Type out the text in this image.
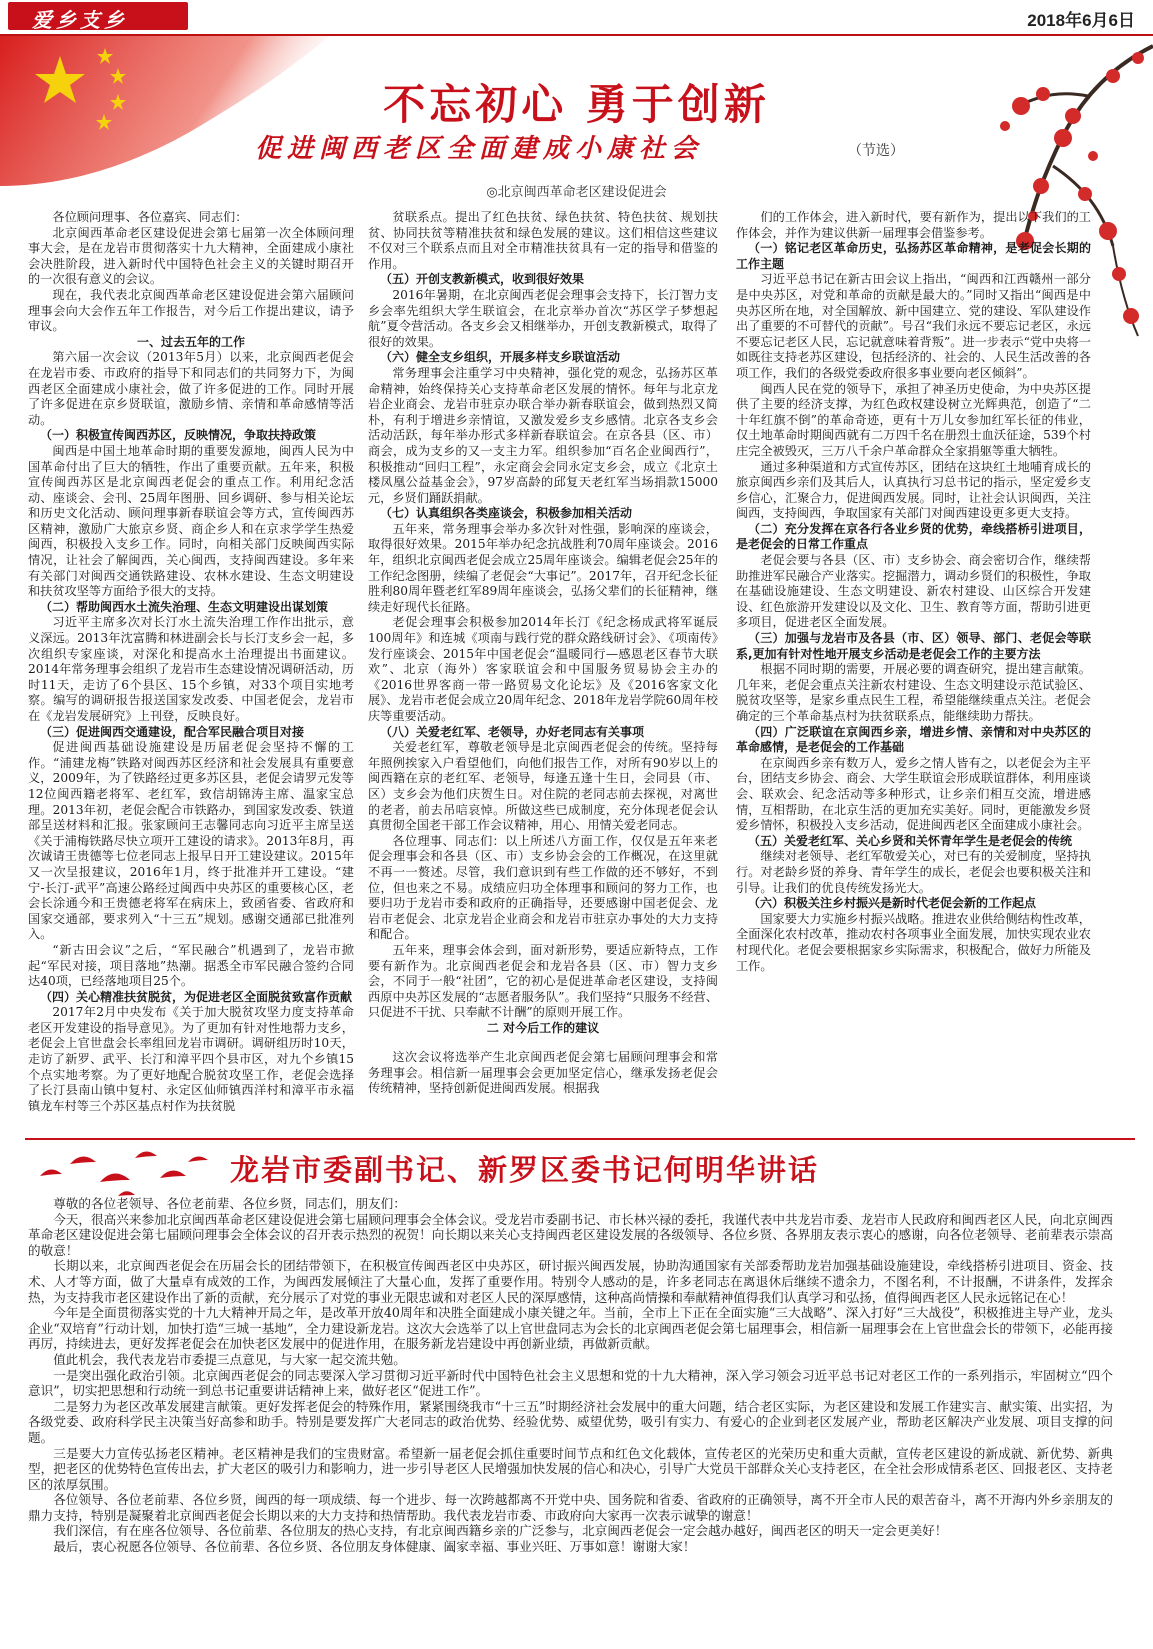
爱乡支乡	2018年6月6日
不忘初心 勇于创新
促进闽西老区全面建成小康社会	（节选）
◎北京闽西革命老区建设促进会

各位顾问理事、各位嘉宾、同志们：

北京闽西革命老区建设促进会第七届第一次全体顾问理事大会，是在龙岩市贯彻落实十九大精神，全面建成小康社会决胜阶段，进入新时代中国特色社会主义的关键时期召开的一次很有意义的会议。

现在，我代表北京闽西革命老区建设促进会第六届顾问理事会向大会作五年工作报告，对今后工作提出建议，请予审议。

一、过去五年的工作

第六届一次会议（2013年5月）以来，北京闽西老促会在龙岩市委、市政府的指导下和同志们的共同努力下，为闽西老区全面建成小康社会，做了许多促进的工作。同时开展了许多促进在京乡贤联谊，激励乡情、亲情和革命感情等活动。

（一）积极宣传闽西苏区，反映情况，争取扶持政策

闽西是中国土地革命时期的重要发源地，闽西人民为中国革命付出了巨大的牺牲，作出了重要贡献。五年来，积极宣传闽西苏区是北京闽西老促会的重点工作。利用纪念活动、座谈会、会刊、25周年图册、回乡调研、参与相关论坛和历史文化活动、顾问理事新春联谊会等方式，宣传闽西苏区精神，激励广大旅京乡贤、商企乡人和在京求学学生热爱闽西，积极投入支乡工作。同时，向相关部门反映闽西实际情况，让社会了解闽西，关心闽西，支持闽西建设。多年来有关部门对闽西交通铁路建设、农林水建设、生态文明建设和扶贫攻坚等方面给予很大的支持。

（二）帮助闽西水土流失治理、生态文明建设出谋划策

习近平主席多次对长汀水土流失治理工作作出批示，意义深远。2013年沈富腾和林进副会长与长汀支乡会一起，多次组织专家座谈，对深化和提高水土治理提出书面建议。2014年常务理事会组织了龙岩市生态建设情况调研活动，历时11天，走访了6个县区、15个乡镇，对33个项目实地考察。编写的调研报告报送国家发改委、中国老促会，龙岩市在《龙岩发展研究》上刊登，反映良好。

（三）促进闽西交通建设，配合军民融合项目对接

促进闽西基础设施建设是历届老促会坚持不懈的工作。“浦建龙梅”铁路对闽西苏区经济和社会发展具有重要意义，2009年，为了铁路经过更多苏区县，老促会请罗元发等12位闽西籍老将军、老红军，致信胡锦涛主席、温家宝总理。2013年初，老促会配合市铁路办，到国家发改委、铁道部呈送材料和汇报。张家顾问王志馨同志向习近平主席呈送《关于浦梅铁路尽快立项开工建设的请求》。2013年8月，再次诚请王贵德等七位老同志上报早日开工建设建议。2015年又一次呈报建议，2016年1月，终于批准并开工建设。“建宁-长汀-武平”高速公路经过闽西中央苏区的重要核心区，老会长涂通今和王贵德老将军在病床上，致函省委、省政府和国家交通部，要求列入“十三五”规划。感谢交通部已批准列入。

“新古田会议”之后，“军民融合”机遇到了，龙岩市掀起“军民对接，项目落地”热潮。据悉全市军民融合签约合同达40项，已经落地项目25个。

（四）关心精准扶贫脱贫，为促进老区全面脱贫致富作贡献

2017年2月中央发布《关于加大脱贫攻坚力度支持革命老区开发建设的指导意见》。为了更加有针对性地帮力支乡，老促会上官世盘会长率组回龙岩市调研。调研组历时10天，走访了新罗、武平、长汀和漳平四个县市区，对九个乡镇15个点实地考察。为了更好地配合脱贫攻坚工作，老促会选择了长汀县南山镇中复村、永定区仙师镇西洋村和漳平市永福镇龙车村等三个苏区基点村作为扶贫脱

贫联系点。提出了红色扶贫、绿色扶贫、特色扶贫、规划扶贫、协同扶贫等精准扶贫和绿色发展的建议。这们相信这些建议不仅对三个联系点而且对全市精准扶贫具有一定的指导和借鉴的作用。

（五）开创支教新模式，收到很好效果

2016年暑期，在北京闽西老促会理事会支持下，长汀智力支乡会率先组织大学生联谊会，在北京举办首次“苏区学子梦想起航”夏令营活动。各支乡会又相继举办，开创支教新模式，取得了很好的效果。

（六）健全支乡组织，开展多样支乡联谊活动

常务理事会注重学习中央精神，强化党的观念，弘扬苏区革命精神，始终保持关心支持革命老区发展的情怀。每年与北京龙岩企业商会、龙岩市驻京办联合举办新春联谊会，做到热烈又简朴，有利于增进乡亲情谊，又激发爱乡支乡感情。北京各支乡会活动活跃，每年举办形式多样新春联谊会。在京各县（区、市）商会，成为支乡的又一支主力军。组织参加“百名企业闽西行”，积极推动“回归工程”，永定商会会同永定支乡会，成立《北京土楼凤凰公益基金会》，97岁高龄的邱复天老红军当场捐款15000元，乡贤们踊跃捐献。

（七）认真组织各类座谈会，积极参加相关活动

五年来，常务理事会举办多次针对性强，影响深的座谈会，取得很好效果。2015年举办纪念抗战胜利70周年座谈会。2016年，组织北京闽西老促会成立25周年座谈会。编辑老促会25年的工作纪念图册，续编了老促会“大事记”。2017年，召开纪念长征胜利80周年暨老红军89周年座谈会，弘扬父辈们的长征精神，继续走好现代长征路。

老促会理事会积极参加2014年长汀《纪念杨成武将军诞辰100周年》和连城《项南与践行党的群众路线研讨会》、《项南传》发行座谈会、2015年中国老促会“温暖同行—感恩老区春节大联欢”、北京（海外）客家联谊会和中国服务贸易协会主办的《2016世界客商一带一路贸易文化论坛》及《2016客家文化展》、龙岩市老促会成立20周年纪念、2018年龙岩学院60周年校庆等重要活动。

（八）关爱老红军、老领导，办好老同志有关事项

关爱老红军，尊敬老领导是北京闽西老促会的传统。坚持每年照例挨家入户看望他们，向他们报告工作，对所有90岁以上的闽西籍在京的老红军、老领导，每逢五逢十生日，会同县（市、区）支乡会为他们庆贺生日。对住院的老同志前去探视，对离世的老者，前去吊唁哀悼。所做这些已成制度，充分体现老促会认真贯彻全国老干部工作会议精神，用心、用情关爱老同志。

各位理事、同志们：以上所述八方面工作，仅仅是五年来老促会理事会和各县（区、市）支乡协会会的工作概况，在这里就不再一一赘述。尽管，我们意识到有些工作做的还不够好，不到位，但也来之不易。成绩应归功全体理事和顾问的努力工作，也要归功于龙岩市委和政府的正确指导，还要感谢中国老促会、龙岩市老促会、北京龙岩企业商会和龙岩市驻京办事处的大力支持和配合。

五年来，理事会体会到，面对新形势，要适应新特点，工作要有新作为。北京闽西老促会和龙岩各县（区、市）智力支乡会，不同于一般“社团”，它的初心是促进革命老区建设，支持闽西原中央苏区发展的“志愿者服务队”。我们坚持“只服务不经营、只促进不干扰、只奉献不计酬”的原则开展工作。

二 对今后工作的建议

这次会议将选举产生北京闽西老促会第七届顾问理事会和常务理事会。相信新一届理事会会更加坚定信心，继承发扬老促会传统精神，坚持创新促进闽西发展。根据我

们的工作体会，进入新时代，要有新作为，提出以下我们的工作体会，并作为建议供新一届理事会借鉴参考。

（一）铭记老区革命历史，弘扬苏区革命精神，是老促会长期的工作主题

习近平总书记在新古田会议上指出，“闽西和江西赣州一部分是中央苏区，对党和革命的贡献是最大的。”同时又指出“闽西是中央苏区所在地，对全国解放、新中国建立、党的建设、军队建设作出了重要的不可替代的贡献”。号召“我们永远不要忘记老区，永远不要忘记老区人民，忘记就意味着背叛”。进一步表示“党中央将一如既往支持老苏区建设，包括经济的、社会的、人民生活改善的各项工作，我们的各级党委政府很多事业要向老区倾斜”。

闽西人民在党的领导下，承担了神圣历史使命，为中央苏区提供了主要的经济支撑，为红色政权建设树立光辉典范，创造了“二十年红旗不倒”的革命奇迹，更有十万儿女参加红军长征的伟业，仅土地革命时期闽西就有二万四千名在册烈士血沃征途，539个村庄完全被毁灭，三万八千余户革命群众全家捐躯等重大牺牲。

通过多种渠道和方式宣传苏区，团结在这块红土地哺育成长的旅京闽西乡亲们及其后人，认真执行习总书记的指示，坚定爱乡支乡信心，汇聚合力，促进闽西发展。同时，让社会认识闽西，关注闽西，支持闽西，争取国家有关部门对闽西建设更多更大支持。

（二）充分发挥在京各行各业乡贤的优势，牵线搭桥引进项目，是老促会的日常工作重点

老促会要与各县（区、市）支乡协会、商会密切合作，继续帮助推进军民融合产业落实。挖掘潜力，调动乡贤们的积极性，争取在基础设施建设、生态文明建设、新农村建设、山区综合开发建设、红色旅游开发建设以及文化、卫生、教育等方面，帮助引进更多项目，促进老区全面发展。

（三）加强与龙岩市及各县（市、区）领导、部门、老促会等联系,更加有针对性地开展支乡活动是老促会工作的主要方法

根据不同时期的需要，开展必要的调查研究，提出建言献策。几年来，老促会重点关注新农村建设、生态文明建设示范试验区、脱贫攻坚等，是家乡重点民生工程，希望能继续重点关注。老促会确定的三个革命基点村为扶贫联系点，能继续助力帮扶。

（四）广泛联谊在京闽西乡亲，增进乡情、亲情和对中央苏区的革命感情，是老促会的工作基础

在京闽西乡亲有数万人，爱乡之情人皆有之，以老促会为主平台，团结支乡协会、商会、大学生联谊会形成联谊群体，利用座谈会、联欢会、纪念活动等多种形式，让乡亲们相互交流，增进感情，互相帮助，在北京生活的更加充实美好。同时，更能激发乡贤爱乡情怀，积极投入支乡活动，促进闽西老区全面建成小康社会。

（五）关爱老红军、关心乡贤和关怀青年学生是老促会的传统

继续对老领导、老红军敬爱关心，对已有的关爱制度，坚持执行。对老龄乡贤的养身、青年学生的成长，老促会也要积极关注和引导。让我们的优良传统发扬光大。

（六）积极关注乡村振兴是新时代老促会新的工作起点

国家要大力实施乡村振兴战略。推进农业供给侧结构性改革，全面深化农村改革，推动农村各项事业全面发展，加快实现农业农村现代化。老促会要根据家乡实际需求，积极配合，做好力所能及工作。

龙岩市委副书记、新罗区委书记何明华讲话

尊敬的各位老领导、各位老前辈、各位乡贤，同志们，朋友们：

今天，很高兴来参加北京闽西革命老区建设促进会第七届顾问理事会全体会议。受龙岩市委副书记、市长林兴禄的委托，我谨代表中共龙岩市委、龙岩市人民政府和闽西老区人民，向北京闽西革命老区建设促进会第七届顾问理事会全体会议的召开表示热烈的祝贺！向长期以来关心支持闽西老区建设发展的各级领导、各位乡贤、各界朋友表示衷心的感谢，向各位老领导、老前辈表示崇高的敬意！

长期以来，北京闽西老促会在历届会长的团结带领下，在积极宣传闽西老区中央苏区，研讨振兴闽西发展，协助沟通国家有关部委帮助龙岩加强基础设施建设，牵线搭桥引进项目、资金、技术、人才等方面，做了大量卓有成效的工作，为闽西发展倾注了大量心血，发挥了重要作用。特别令人感动的是，许多老同志在离退休后继续不遗余力，不图名利，不计报酬，不讲条件，发挥余热，为支持我市老区建设作出了新的贡献，充分展示了对党的事业无限忠诚和对老区人民的深厚感情，这种高尚情操和奉献精神值得我们认真学习和弘扬，值得闽西老区人民永远铭记在心！

今年是全面贯彻落实党的十九大精神开局之年，是改革开放40周年和决胜全面建成小康关键之年。当前，全市上下正在全面实施“三大战略”、深入打好“三大战役”，积极推进主导产业，龙头企业“双培育”行动计划，加快打造“三城一基地”，全力建设新龙岩。这次大会选举了以上官世盘同志为会长的北京闽西老促会第七届理事会，相信新一届理事会在上官世盘会长的带领下，必能再接再厉，持续进去，更好发挥老促会在加快老区发展中的促进作用，在服务新龙岩建设中再创新业绩，再做新贡献。

值此机会，我代表龙岩市委提三点意见，与大家一起交流共勉。

一是突出强化政治引领。北京闽西老促会的同志要深入学习贯彻习近平新时代中国特色社会主义思想和党的十九大精神，深入学习领会习近平总书记对老区工作的一系列指示，牢固树立“四个意识”，切实把思想和行动统一到总书记重要讲话精神上来，做好老区“促进工作”。

二是努力为老区改革发展建言献策。更好发挥老促会的特殊作用，紧紧围绕我市“十三五”时期经济社会发展中的重大问题，结合老区实际，为老区建设和发展工作建实言、献实策、出实招，为各级党委、政府科学民主决策当好高参和助手。特别是要发挥广大老同志的政治优势、经验优势、威望优势，吸引有实力、有爱心的企业到老区发展产业，帮助老区解决产业发展、项目支撑的问题。

三是要大力宣传弘扬老区精神。老区精神是我们的宝贵财富。希望新一届老促会抓住重要时间节点和红色文化载体，宣传老区的光荣历史和重大贡献，宣传老区建设的新成就、新优势、新典型，把老区的优势特色宣传出去，扩大老区的吸引力和影响力，进一步引导老区人民增强加快发展的信心和决心，引导广大党员干部群众关心支持老区，在全社会形成情系老区、回报老区、支持老区的浓厚氛围。

各位领导、各位老前辈、各位乡贤，闽西的每一项成绩、每一个进步、每一次跨越都离不开党中央、国务院和省委、省政府的正确领导，离不开全市人民的艰苦奋斗，离不开海内外乡亲朋友的鼎力支持，特别是凝聚着北京闽西老促会长期以来的大力支持和热情帮助。我代表龙岩市委、市政府向大家再一次表示诚挚的谢意！

我们深信，有在座各位领导、各位前辈、各位朋友的热心支持，有北京闽西籍乡亲的广泛参与，北京闽西老促会一定会越办越好，闽西老区的明天一定会更美好！

最后，衷心祝愿各位领导、各位前辈、各位乡贤、各位朋友身体健康、阖家幸福、事业兴旺、万事如意！谢谢大家！
